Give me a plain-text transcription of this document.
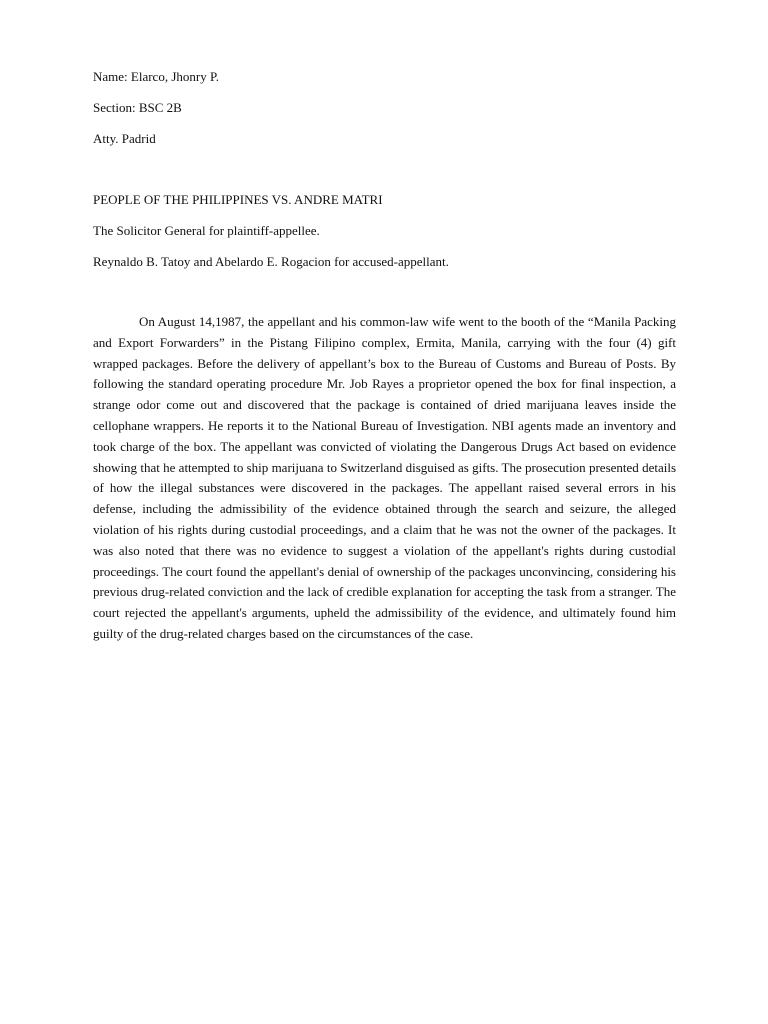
Name: Elarco, Jhonry P.

Section: BSC 2B

Atty. Padrid

PEOPLE OF THE PHILIPPINES VS. ANDRE MATRI

The Solicitor General for plaintiff-appellee.

Reynaldo B. Tatoy and Abelardo E. Rogacion for accused-appellant.

On August 14,1987, the appellant and his common-law wife went to the booth of the “Manila Packing and Export Forwarders” in the Pistang Filipino complex, Ermita, Manila, carrying with the four (4) gift wrapped packages. Before the delivery of appellant’s box to the Bureau of Customs and Bureau of Posts. By following the standard operating procedure Mr. Job Rayes a proprietor opened the box for final inspection, a strange odor come out and discovered that the package is contained of dried marijuana leaves inside the cellophane wrappers. He reports it to the National Bureau of Investigation. NBI agents made an inventory and took charge of the box. The appellant was convicted of violating the Dangerous Drugs Act based on evidence showing that he attempted to ship marijuana to Switzerland disguised as gifts. The prosecution presented details of how the illegal substances were discovered in the packages. The appellant raised several errors in his defense, including the admissibility of the evidence obtained through the search and seizure, the alleged violation of his rights during custodial proceedings, and a claim that he was not the owner of the packages. It was also noted that there was no evidence to suggest a violation of the appellant's rights during custodial proceedings. The court found the appellant's denial of ownership of the packages unconvincing, considering his previous drug-related conviction and the lack of credible explanation for accepting the task from a stranger. The court rejected the appellant's arguments, upheld the admissibility of the evidence, and ultimately found him guilty of the drug-related charges based on the circumstances of the case.
